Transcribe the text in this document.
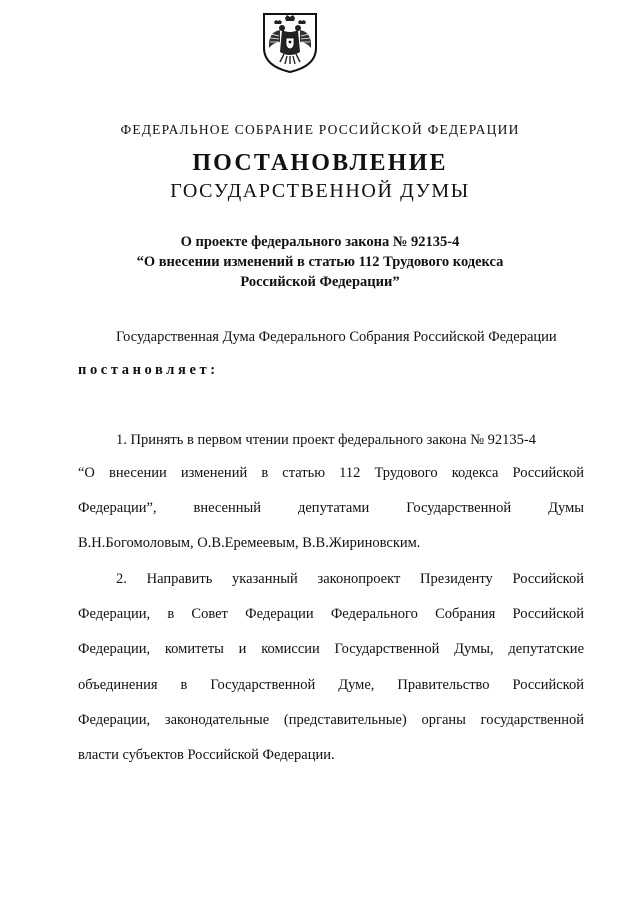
ФЕДЕРАЛЬНОЕ СОБРАНИЕ РОССИЙСКОЙ ФЕДЕРАЦИИ
ПОСТАНОВЛЕНИЕ
ГОСУДАРСТВЕННОЙ ДУМЫ
О проекте федерального закона № 92135-4
“О внесении изменений в статью 112 Трудового кодекса
Российской Федерации”
Государственная Дума Федерального Собрания Российской Федерации
постановляет:
1. Принять в первом чтении проект федерального закона № 92135-4
“О внесении изменений в статью 112 Трудового кодекса Российской
Федерации”, внесенный депутатами Государственной Думы
В.Н.Богомоловым, О.В.Еремеевым, В.В.Жириновским.
2. Направить указанный законопроект Президенту Российской
Федерации, в Совет Федерации Федерального Собрания Российской
Федерации, комитеты и комиссии Государственной Думы, депутатские
объединения в Государственной Думе, Правительство Российской
Федерации, законодательные (представительные) органы государственной
власти субъектов Российской Федерации.
